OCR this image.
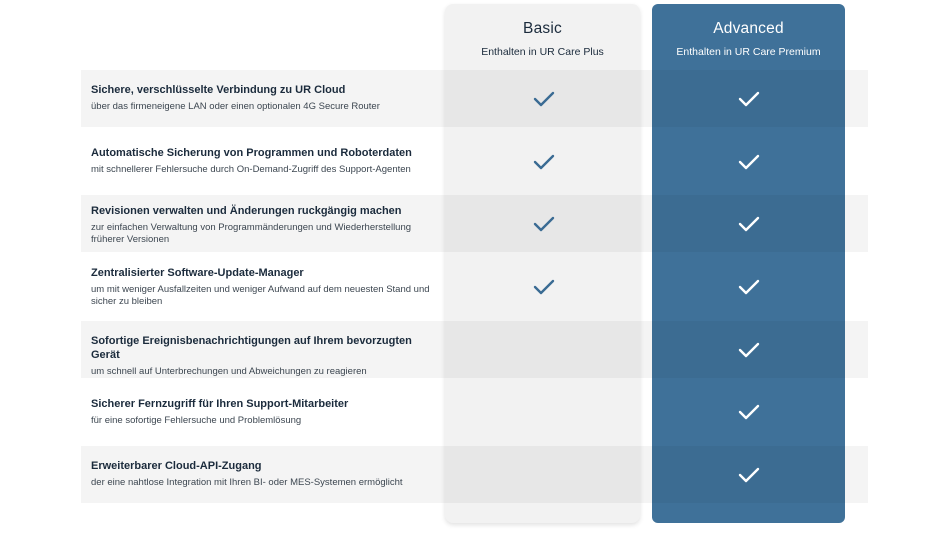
Basic
Enthalten in UR Care Plus
Advanced
Enthalten in UR Care Premium
Sichere, verschlüsselte Verbindung zu UR Cloud
über das firmeneigene LAN oder einen optionalen 4G Secure Router
Automatische Sicherung von Programmen und Roboterdaten
mit schnellerer Fehlersuche durch On-Demand-Zugriff des Support-Agenten
Revisionen verwalten und Änderungen ruckgängig machen
zur einfachen Verwaltung von Programmänderungen und Wiederherstellung früherer Versionen
Zentralisierter Software-Update-Manager
um mit weniger Ausfallzeiten und weniger Aufwand auf dem neuesten Stand und sicher zu bleiben
Sofortige Ereignisbenachrichtigungen auf Ihrem bevorzugten Gerät
um schnell auf Unterbrechungen und Abweichungen zu reagieren
Sicherer Fernzugriff für Ihren Support-Mitarbeiter
für eine sofortige Fehlersuche und Problemlösung
Erweiterbarer Cloud-API-Zugang
der eine nahtlose Integration mit Ihren BI- oder MES-Systemen ermöglicht
